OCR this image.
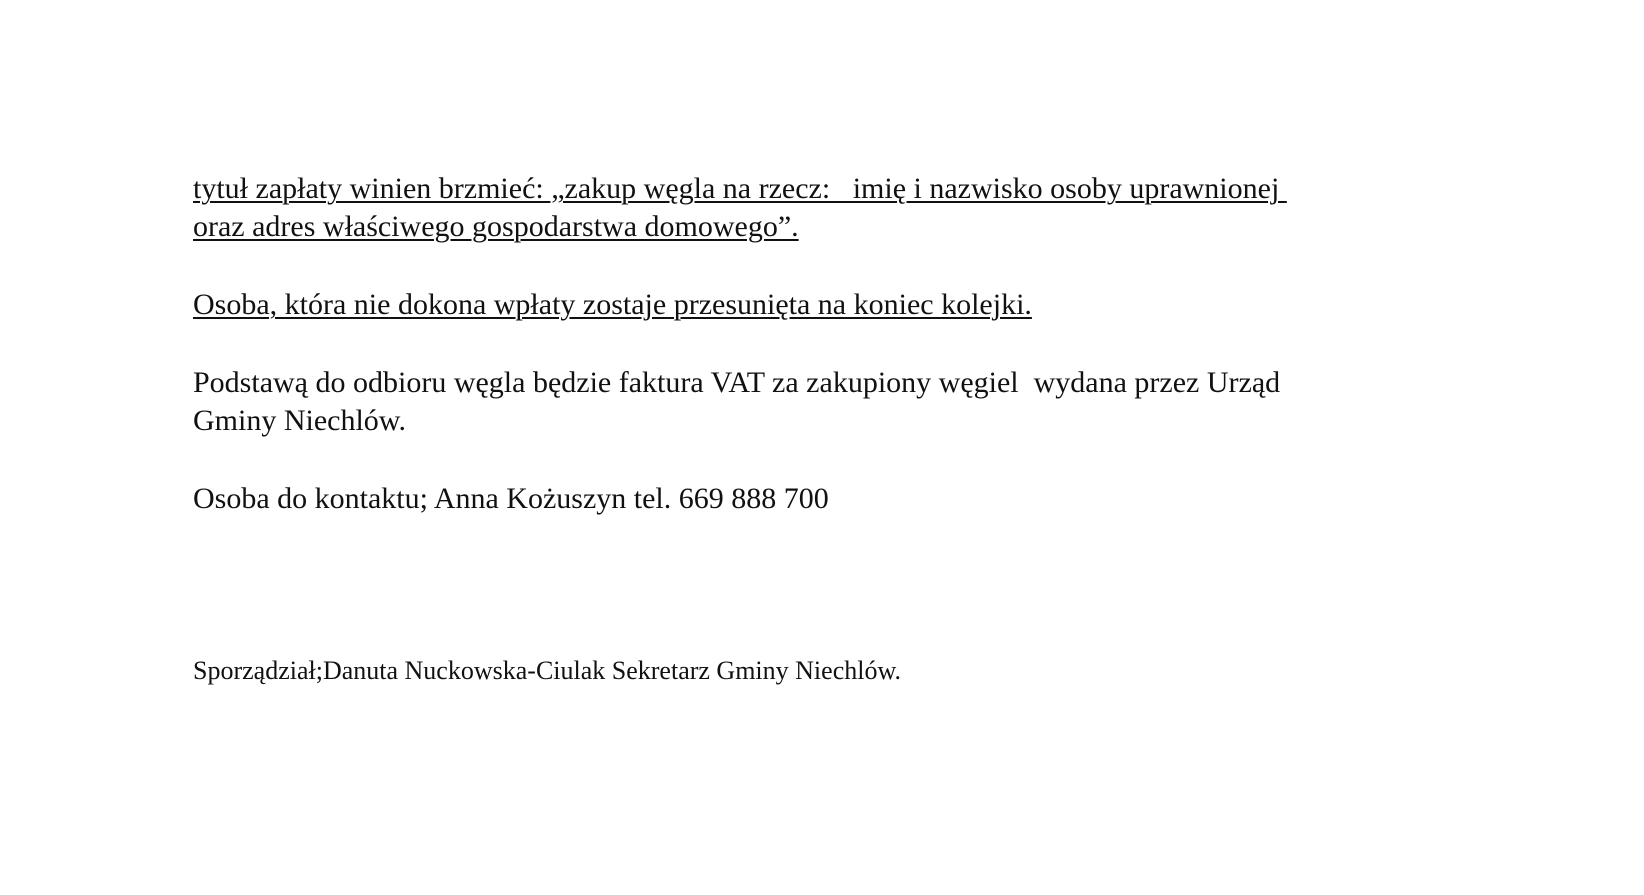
tytuł zapłaty winien brzmieć: „zakup węgla na rzecz:   imię i nazwisko osoby uprawnionej
oraz adres właściwego gospodarstwa domowego”.
Osoba, która nie dokona wpłaty zostaje przesunięta na koniec kolejki.
Podstawą do odbioru węgla będzie faktura VAT za zakupiony węgiel  wydana przez Urząd
Gminy Niechlów.
Osoba do kontaktu; Anna Kożuszyn tel. 669 888 700
Sporządział;Danuta Nuckowska-Ciulak Sekretarz Gminy Niechlów.
